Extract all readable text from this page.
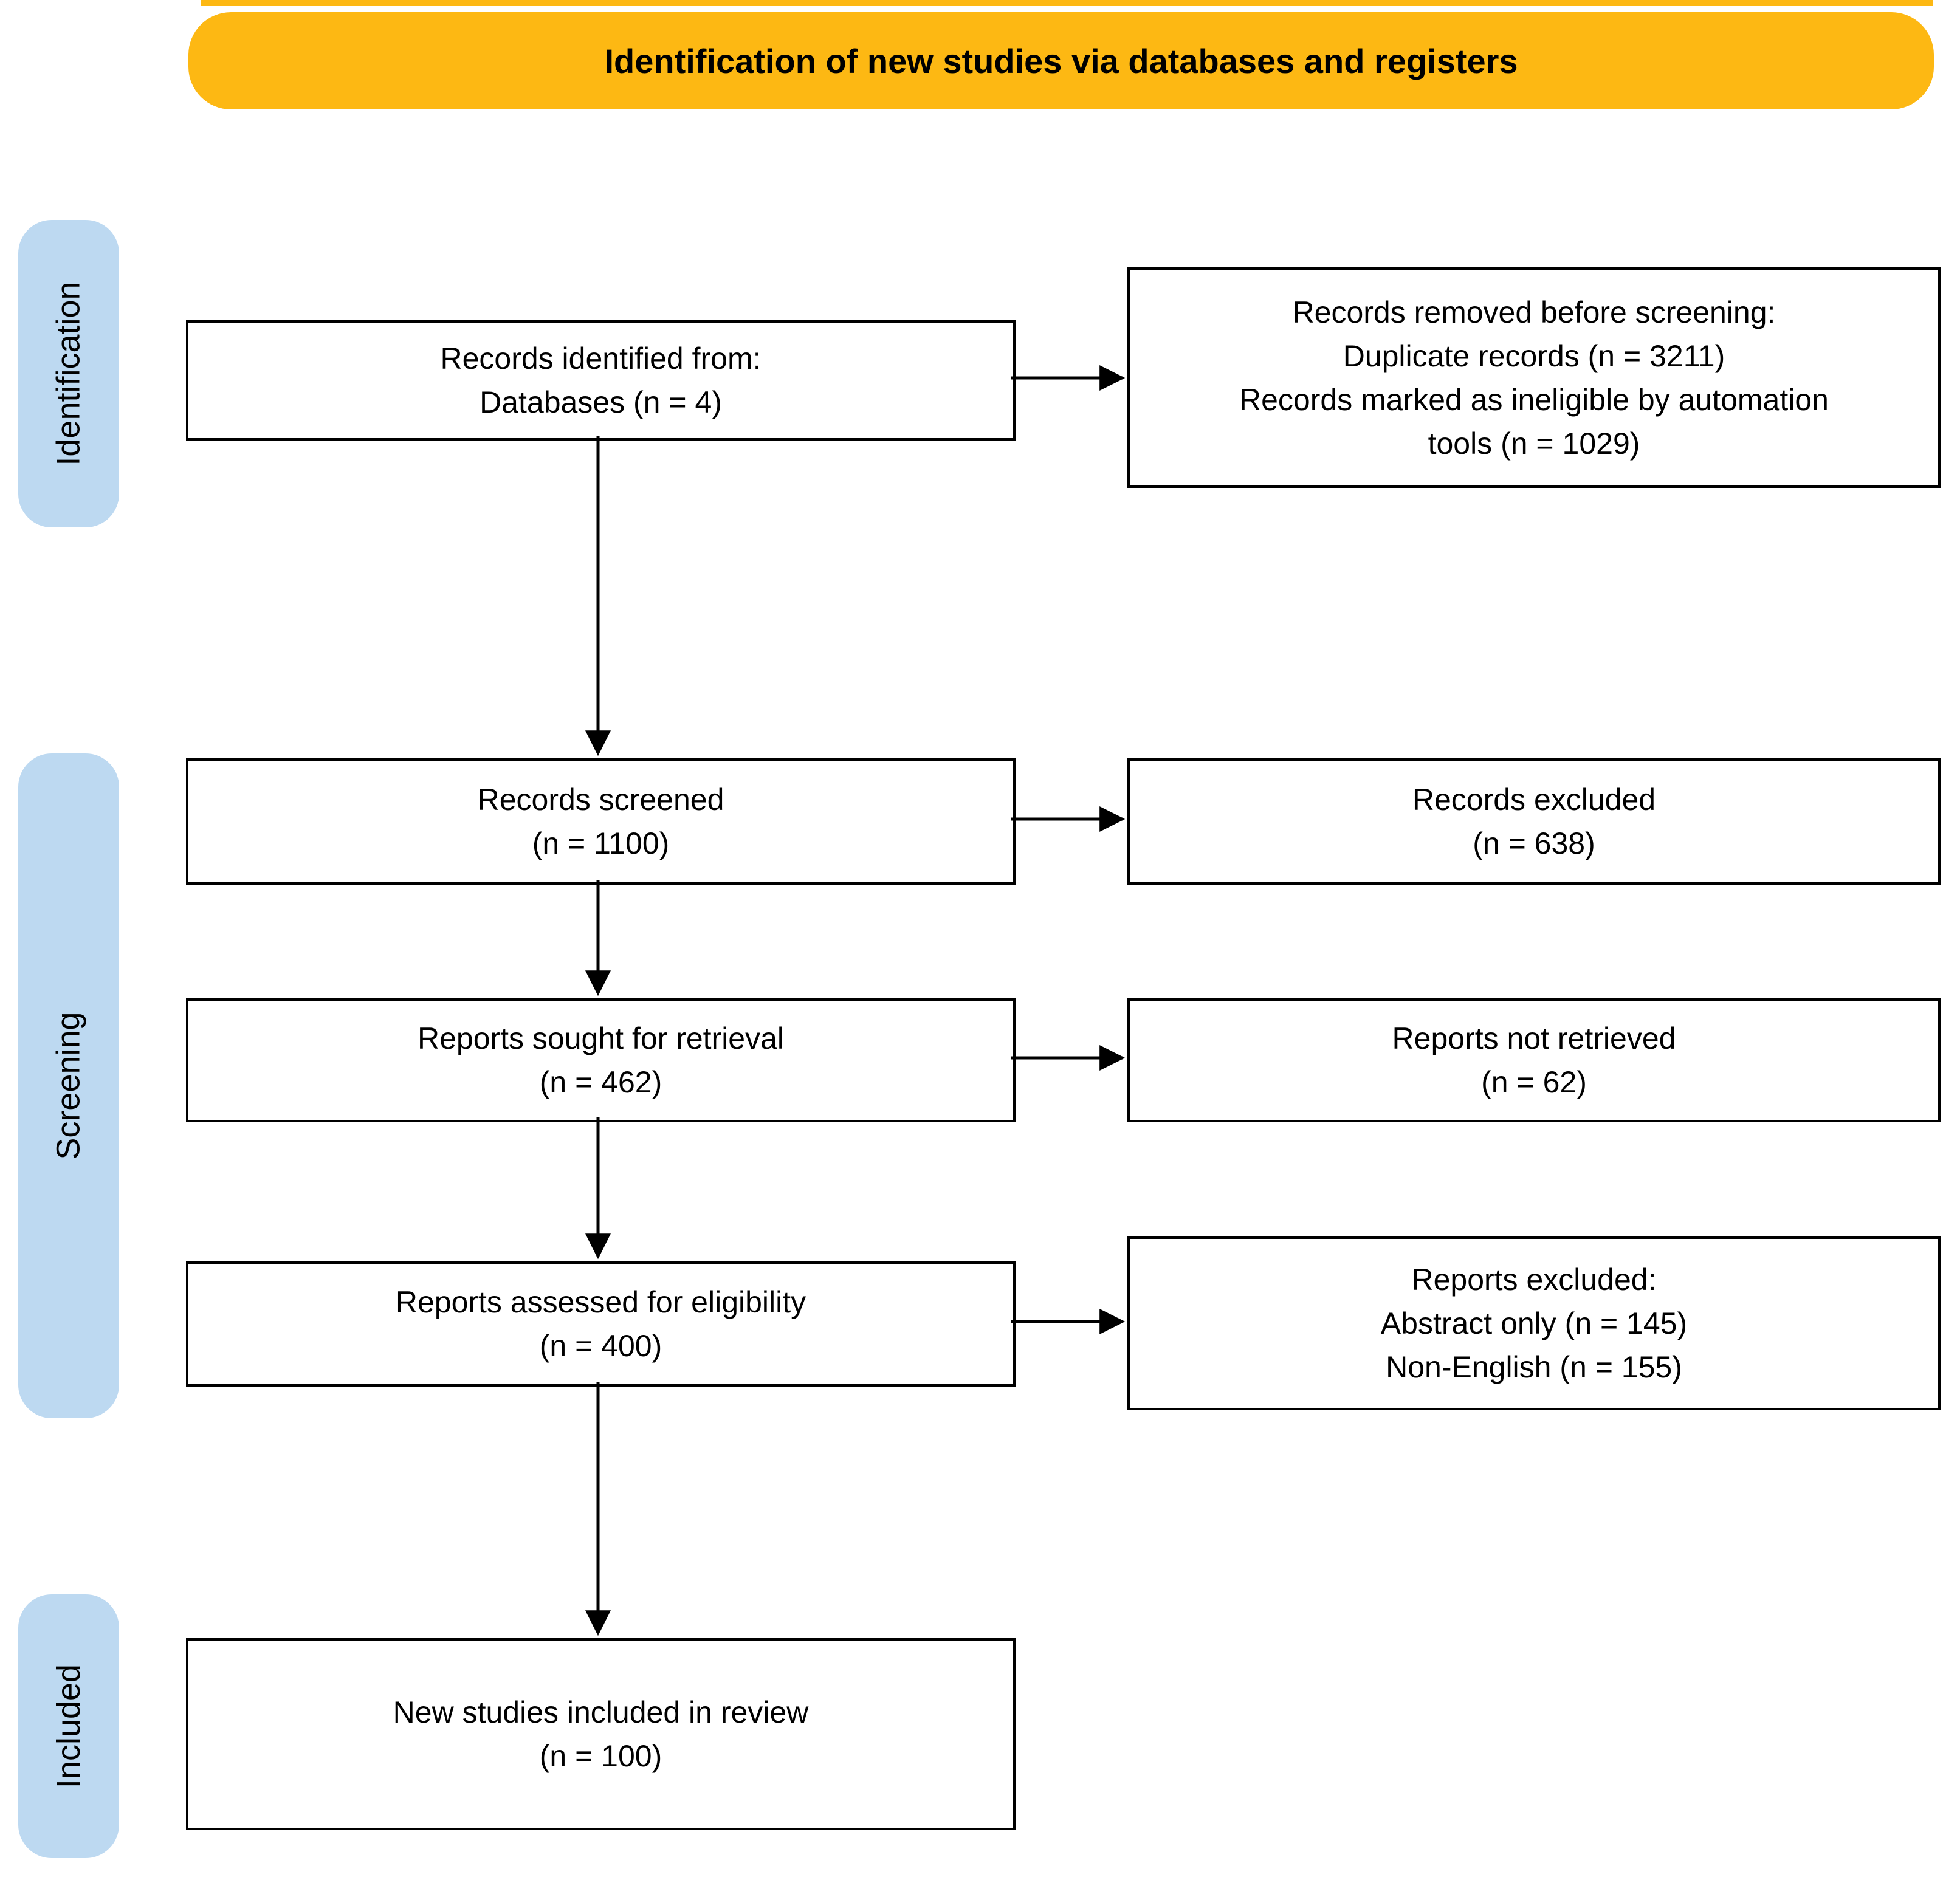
Identification of new studies via databases and registers
Identification
Screening
Included
Records identified from:
Databases (n = 4)
Records screened
(n = 1100)
Reports sought for retrieval
(n = 462)
Reports assessed for eligibility
(n = 400)
New studies included in review
(n = 100)
Records removed before screening:
Duplicate records (n = 3211)
Records marked as ineligible by automation
tools (n = 1029)
Records excluded
(n = 638)
Reports not retrieved
(n = 62)
Reports excluded:
Abstract only (n = 145)
Non-English (n = 155)
